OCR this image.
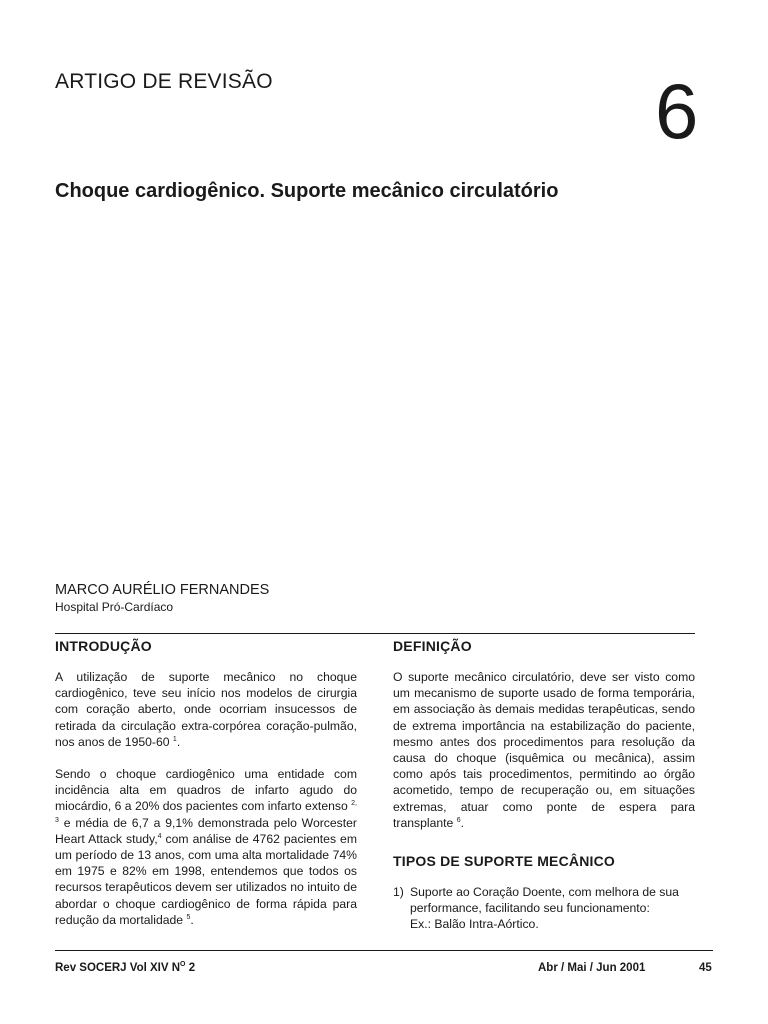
ARTIGO DE REVISÃO	6
Choque cardiogênico. Suporte mecânico circulatório
MARCO AURÉLIO FERNANDES
Hospital Pró-Cardíaco
INTRODUÇÃO

A utilização de suporte mecânico no choque cardiogênico, teve seu início nos modelos de cirurgia com coração aberto, onde ocorriam insucessos de retirada da circulação extra-corpórea coração-pulmão, nos anos de 1950-60 $^1$.

Sendo o choque cardiogênico uma entidade com incidência alta em quadros de infarto agudo do miocárdio, 6 a 20% dos pacientes com infarto extenso $^{2, 3}$ e média de 6,7 a 9,1% demonstrada pelo Worcester Heart Attack study,$^4$ com análise de 4762 pacientes em um período de 13 anos, com uma alta mortalidade 74% em 1975 e 82% em 1998, entendemos que todos os recursos terapêuticos devem ser utilizados no intuito de abordar o choque cardiogênico de forma rápida para redução da mortalidade $^5$.

DEFINIÇÃO

O suporte mecânico circulatório, deve ser visto como um mecanismo de suporte usado de forma temporária, em associação às demais medidas terapêuticas, sendo de extrema importância na estabilização do paciente, mesmo antes dos procedimentos para resolução da causa do choque (isquêmica ou mecânica), assim como após tais procedimentos, permitindo ao órgão acometido, tempo de recuperação ou, em situações extremas, atuar como ponte de espera para transplante $^6$.

TIPOS DE SUPORTE MECÂNICO
1) Suporte ao Coração Doente, com melhora de sua performance, facilitando seu funcionamento:
Ex.: Balão Intra-Aórtico.
Rev SOCERJ Vol XIV $N^O$ 2	Abr / Mai / Jun 2001	45
